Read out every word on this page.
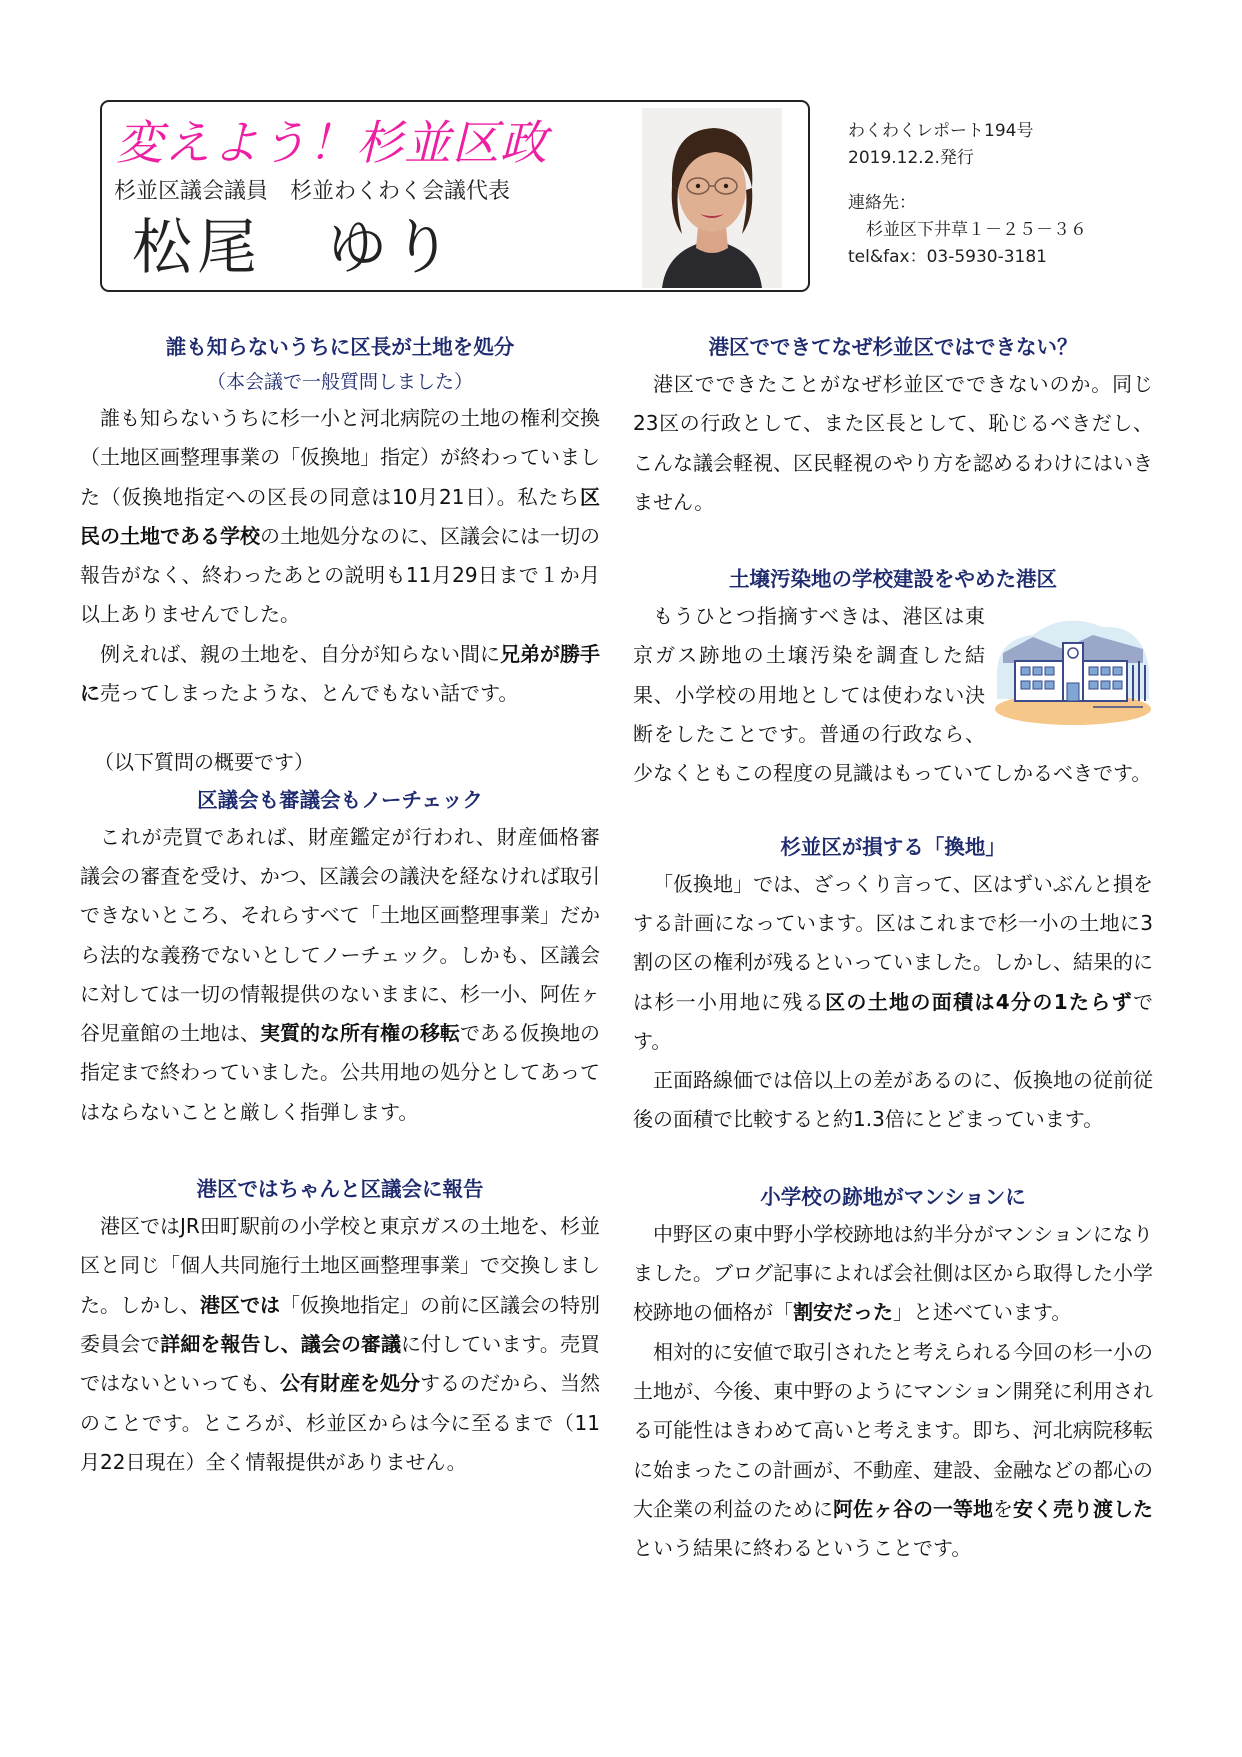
変えよう！杉並区政
杉並区議会議員　杉並わくわく会議代表
松尾　ゆり
わくわくレポート194号
2019.12.2.発行
連絡先：
杉並区下井草１－２５－３６
tel&fax：03-5930-3181
誰も知らないうちに区長が土地を処分
（本会議で一般質問しました）

誰も知らないうちに杉一小と河北病院の土地の権利交換（土地区画整理事業の「仮換地」指定）が終わっていました（仮換地指定への区長の同意は10月21日）。私たち区民の土地である学校の土地処分なのに、区議会には一切の報告がなく、終わったあとの説明も11月29日まで１か月以上ありませんでした。

例えれば、親の土地を、自分が知らない間に兄弟が勝手に売ってしまったような、とんでもない話です。

（以下質問の概要です）

区議会も審議会もノーチェック

これが売買であれば、財産鑑定が行われ、財産価格審議会の審査を受け、かつ、区議会の議決を経なければ取引できないところ、それらすべて「土地区画整理事業」だから法的な義務でないとしてノーチェック。しかも、区議会に対しては一切の情報提供のないままに、杉一小、阿佐ヶ谷児童館の土地は、実質的な所有権の移転である仮換地の指定まで終わっていました。公共用地の処分としてあってはならないことと厳しく指弾します。

港区ではちゃんと区議会に報告

港区ではJR田町駅前の小学校と東京ガスの土地を、杉並区と同じ「個人共同施行土地区画整理事業」で交換しました。しかし、港区では「仮換地指定」の前に区議会の特別委員会で詳細を報告し、議会の審議に付しています。売買ではないといっても、公有財産を処分するのだから、当然のことです。ところが、杉並区からは今に至るまで（11月22日現在）全く情報提供がありません。

港区でできてなぜ杉並区ではできない？

港区でできたことがなぜ杉並区でできないのか。同じ23区の行政として、また区長として、恥じるべきだし、こんな議会軽視、区民軽視のやり方を認めるわけにはいきません。

土壌汚染地の学校建設をやめた港区

もうひとつ指摘すべきは、港区は東京ガス跡地の土壌汚染を調査した結果、小学校の用地としては使わない決断をしたことです。普通の行政なら、少なくともこの程度の見識はもっていてしかるべきです。

杉並区が損する「換地」

「仮換地」では、ざっくり言って、区はずいぶんと損をする計画になっています。区はこれまで杉一小の土地に3割の区の権利が残るといっていました。しかし、結果的には杉一小用地に残る区の土地の面積は4分の1たらずです。

正面路線価では倍以上の差があるのに、仮換地の従前従後の面積で比較すると約1.3倍にとどまっています。

小学校の跡地がマンションに

中野区の東中野小学校跡地は約半分がマンションになりました。ブログ記事によれば会社側は区から取得した小学校跡地の価格が「割安だった」と述べています。

相対的に安値で取引されたと考えられる今回の杉一小の土地が、今後、東中野のようにマンション開発に利用される可能性はきわめて高いと考えます。即ち、河北病院移転に始まったこの計画が、不動産、建設、金融などの都心の大企業の利益のために阿佐ヶ谷の一等地を安く売り渡したという結果に終わるということです。
